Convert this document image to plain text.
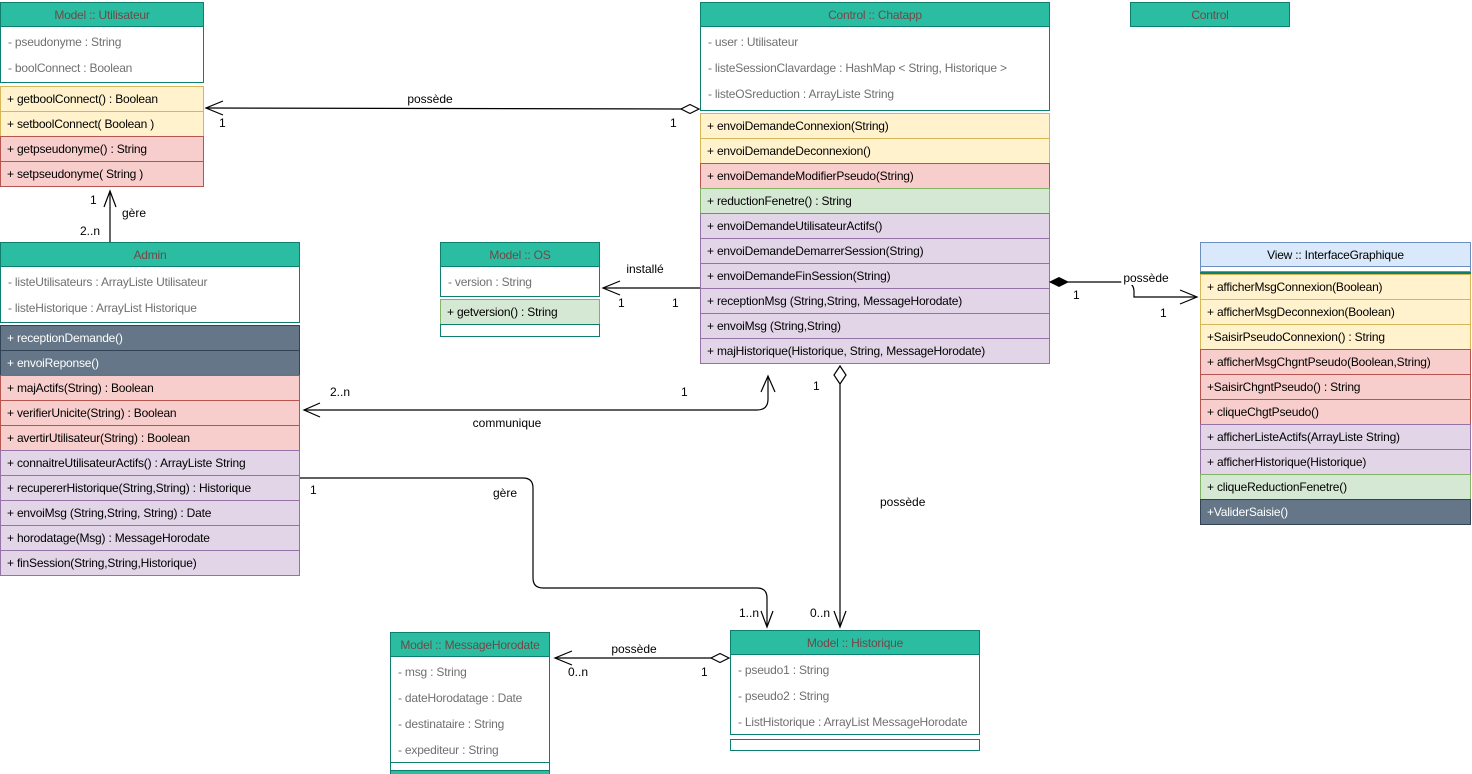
Model :: Utilisateur
- pseudonyme : String
- boolConnect : Boolean
+ getboolConnect() : Boolean
+ setboolConnect( Boolean )
+ getpseudonyme() : String
+ setpseudonyme( String )
Control :: Chatapp
- user : Utilisateur
- listeSessionClavardage : HashMap < String, Historique >
- listeOSreduction : ArrayListe String
+ envoiDemandeConnexion(String)
+ envoiDemandeDeconnexion()
+ envoiDemandeModifierPseudo(String)
+ reductionFenetre() : String
+ envoiDemandeUtilisateurActifs()
+ envoiDemandeDemarrerSession(String)
+ envoiDemandeFinSession(String)
+ receptionMsg (String,String, MessageHorodate)
+ envoiMsg (String,String)
+ majHistorique(Historique, String, MessageHorodate)
Control
Admin
- listeUtilisateurs : ArrayListe Utilisateur
- listeHistorique : ArrayList Historique
+ receptionDemande()
+ envoiReponse()
+ majActifs(String) : Boolean
+ verifierUnicite(String) : Boolean
+ avertirUtilisateur(String) : Boolean
+ connaitreUtilisateurActifs() : ArrayListe String
+ recupererHistorique(String,String) : Historique
+ envoiMsg (String,String, String) : Date
+ horodatage(Msg) : MessageHorodate
+ finSession(String,String,Historique)
Model :: OS
- version : String
+ getversion() : String
View :: InterfaceGraphique
+ afficherMsgConnexion(Boolean)
+ afficherMsgDeconnexion(Boolean)
+SaisirPseudoConnexion() : String
+ afficherMsgChgntPseudo(Boolean,String)
+SaisirChgntPseudo() : String
+ cliqueChgtPseudo()
+ afficherListeActifs(ArrayListe String)
+ afficherHistorique(Historique)
+ cliqueReductionFenetre()
+ValiderSaisie()
Model :: MessageHorodate
- msg : String
- dateHorodatage : Date
- destinataire : String
- expediteur : String
Model :: Historique
- pseudo1 : String
- pseudo2 : String
- ListHistorique : ArrayList MessageHorodate
possède
1	1
gère
1
2..n
installé
1	1
possède
1
1
communique
2..n	1
gère
1
1..n
possède
1
0..n
possède
0..n	1
